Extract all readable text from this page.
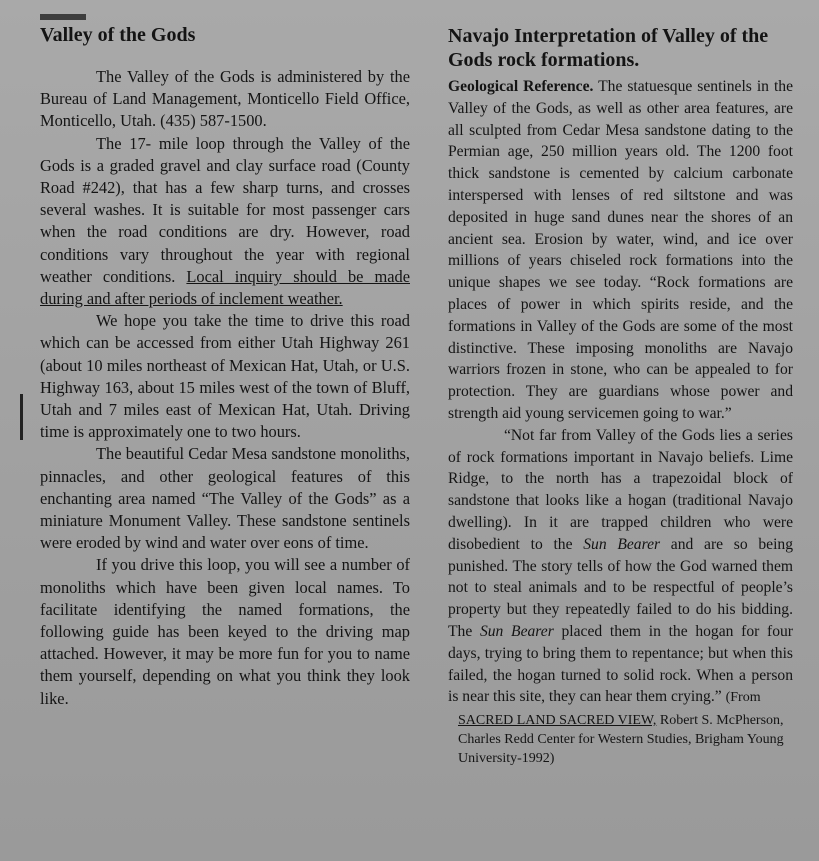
Valley of the Gods

The Valley of the Gods is administered by the Bureau of Land Management, Monticello Field Office, Monticello, Utah. (435) 587-1500.

The 17- mile loop through the Valley of the Gods is a graded gravel and clay surface road (County Road #242), that has a few sharp turns, and crosses several washes. It is suitable for most passenger cars when the road conditions are dry. However, road conditions vary throughout the year with regional weather conditions. Local inquiry should be made during and after periods of inclement weather.

We hope you take the time to drive this road which can be accessed from either Utah Highway 261 (about 10 miles northeast of Mexican Hat, Utah, or U.S. Highway 163, about 15 miles west of the town of Bluff, Utah and 7 miles east of Mexican Hat, Utah. Driving time is approximately one to two hours.

The beautiful Cedar Mesa sandstone monoliths, pinnacles, and other geological features of this enchanting area named “The Valley of the Gods” as a miniature Monument Valley. These sandstone sentinels were eroded by wind and water over eons of time.

If you drive this loop, you will see a number of monoliths which have been given local names. To facilitate identifying the named formations, the following guide has been keyed to the driving map attached. However, it may be more fun for you to name them yourself, depending on what you think they look like.

Navajo Interpretation of Valley of the Gods rock formations.

Geological Reference. The statuesque sentinels in the Valley of the Gods, as well as other area features, are all sculpted from Cedar Mesa sandstone dating to the Permian age, 250 million years old. The 1200 foot thick sandstone is cemented by calcium carbonate interspersed with lenses of red siltstone and was deposited in huge sand dunes near the shores of an ancient sea. Erosion by water, wind, and ice over millions of years chiseled rock formations into the unique shapes we see today. “Rock formations are places of power in which spirits reside, and the formations in Valley of the Gods are some of the most distinctive. These imposing monoliths are Navajo warriors frozen in stone, who can be appealed to for protection. They are guardians whose power and strength aid young servicemen going to war.”

“Not far from Valley of the Gods lies a series of rock formations important in Navajo beliefs. Lime Ridge, to the north has a trapezoidal block of sandstone that looks like a hogan (traditional Navajo dwelling). In it are trapped children who were disobedient to the Sun Bearer and are so being punished. The story tells of how the God warned them not to steal animals and to be respectful of people’s property but they repeatedly failed to do his bidding. The Sun Bearer placed them in the hogan for four days, trying to bring them to repentance; but when this failed, the hogan turned to solid rock. When a person is near this site, they can hear them crying.” (From

SACRED LAND SACRED VIEW, Robert S. McPherson, Charles Redd Center for Western Studies, Brigham Young University-1992)
